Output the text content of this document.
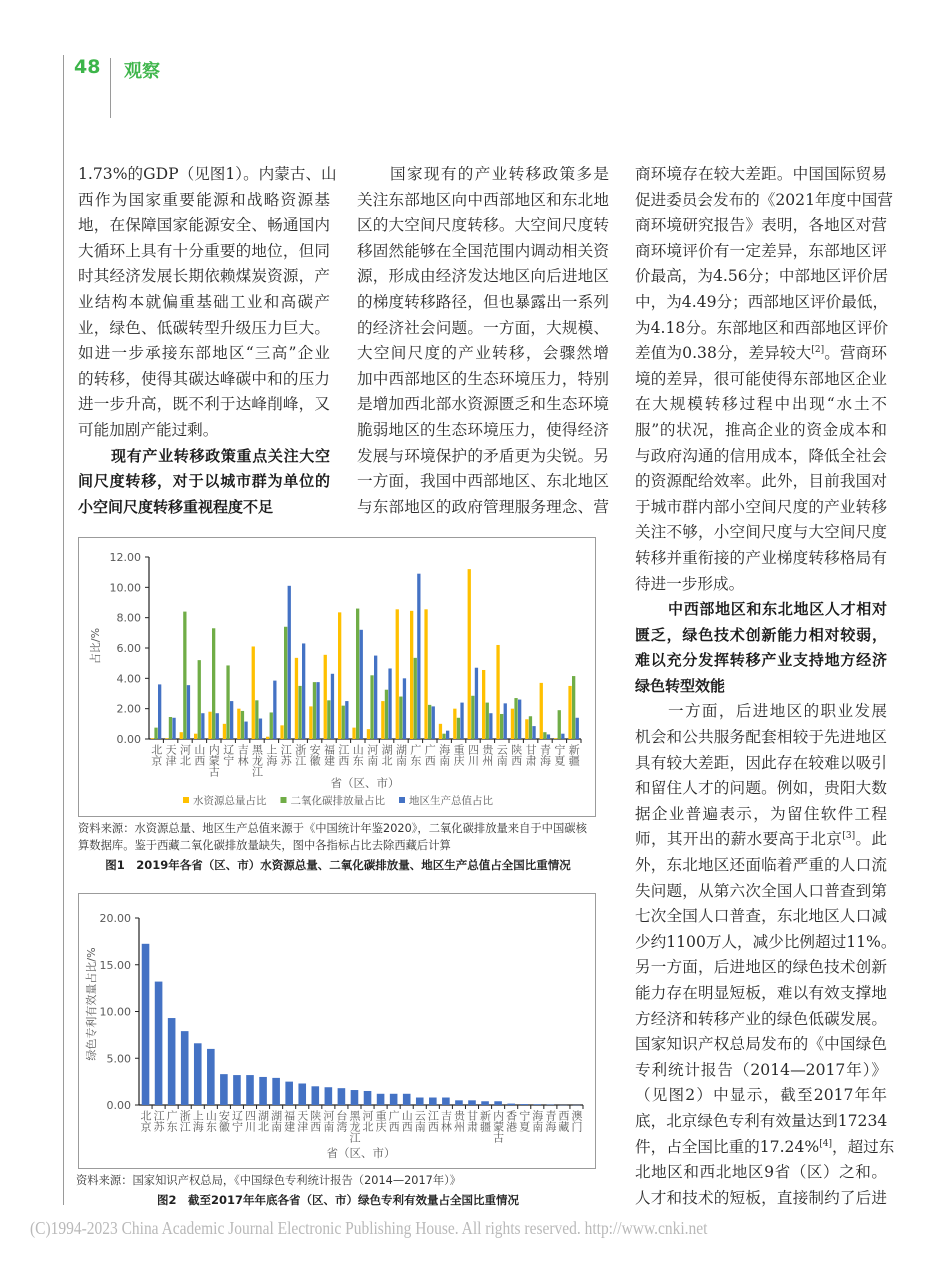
48 观察
1.73%的GDP（见图1）。内蒙古、山
西作为国家重要能源和战略资源基
地，在保障国家能源安全、畅通国内
大循环上具有十分重要的地位，但同
时其经济发展长期依赖煤炭资源，产
业结构本就偏重基础工业和高碳产
业，绿色、低碳转型升级压力巨大。
如进一步承接东部地区“三高”企业
的转移，使得其碳达峰碳中和的压力
进一步升高，既不利于达峰削峰，又
可能加剧产能过剩。
现有产业转移政策重点关注大空
间尺度转移，对于以城市群为单位的
小空间尺度转移重视程度不足
国家现有的产业转移政策多是
关注东部地区向中西部地区和东北地
区的大空间尺度转移。大空间尺度转
移固然能够在全国范围内调动相关资
源，形成由经济发达地区向后进地区
的梯度转移路径，但也暴露出一系列
的经济社会问题。一方面，大规模、
大空间尺度的产业转移，会骤然增
加中西部地区的生态环境压力，特别
是增加西北部水资源匮乏和生态环境
脆弱地区的生态环境压力，使得经济
发展与环境保护的矛盾更为尖锐。另
一方面，我国中西部地区、东北地区
与东部地区的政府管理服务理念、营
商环境存在较大差距。中国国际贸易
促进委员会发布的《2021年度中国营
商环境研究报告》表明，各地区对营
商环境评价有一定差异，东部地区评
价最高，为4.56分；中部地区评价居
中，为4.49分；西部地区评价最低，
为4.18分。东部地区和西部地区评价
差值为0.38分，差异较大[2]。营商环
境的差异，很可能使得东部地区企业
在大规模转移过程中出现“水土不
服”的状况，推高企业的资金成本和
与政府沟通的信用成本，降低全社会
的资源配给效率。此外，目前我国对
于城市群内部小空间尺度的产业转移
关注不够，小空间尺度与大空间尺度
转移并重衔接的产业梯度转移格局有
待进一步形成。
中西部地区和东北地区人才相对
匮乏，绿色技术创新能力相对较弱，
难以充分发挥转移产业支持地方经济
绿色转型效能
一方面，后进地区的职业发展
机会和公共服务配套相较于先进地区
具有较大差距，因此存在较难以吸引
和留住人才的问题。例如，贵阳大数
据企业普遍表示，为留住软件工程
师，其开出的薪水要高于北京[3]。此
外，东北地区还面临着严重的人口流
失问题，从第六次全国人口普查到第
七次全国人口普查，东北地区人口减
少约1100万人，减少比例超过11%。
另一方面，后进地区的绿色技术创新
能力存在明显短板，难以有效支撑地
方经济和转移产业的绿色低碳发展。
国家知识产权总局发布的《中国绿色
专利统计报告（2014—2017年）》
（见图2）中显示，截至2017年年
底，北京绿色专利有效量达到17234
件，占全国比重的17.24%[4]，超过东
北地区和西北地区9省（区）之和。
人才和技术的短板，直接制约了后进
0.00
2.00
4.00
6.00
8.00
10.00
12.00
北京 天津 河北 山西 内蒙古 辽宁 吉林 黑龙江 上海 江苏 浙江 安徽 福建 江西 山东 河南 湖北 湖南 广东 广西 海南 重庆 四川 贵州 云南 陕西 甘肃 青海 宁夏 新疆
省（区、市）
占比/%
水资源总量占比 二氧化碳排放量占比 地区生产总值占比
资料来源：水资源总量、地区生产总值来源于《中国统计年鉴2020》，二氧化碳排放量来自于中国碳核算数据库。鉴于西藏二氧化碳排放量缺失，图中各指标占比去除西藏后计算
图1　2019年各省（区、市）水资源总量、二氧化碳排放量、地区生产总值占全国比重情况
0.00
5.00
10.00
15.00
20.00
北京 江苏 广东 浙江 上海 山东 安徽 辽宁 四川 湖北 湖南 福建 天津 陕西 河南 台湾 黑龙江 河北 重庆 广西 山西 云南 江西 吉林 贵州 甘肃 新疆 内蒙古 香港 宁夏 海南 青海 西藏 澳门
省（区、市）
绿色专利有效量占比/%
资料来源：国家知识产权总局，《中国绿色专利统计报告（2014—2017年）》
图2　截至2017年年底各省（区、市）绿色专利有效量占全国比重情况
(C)1994-2023 China Academic Journal Electronic Publishing House. All rights reserved. http://www.cnki.net
